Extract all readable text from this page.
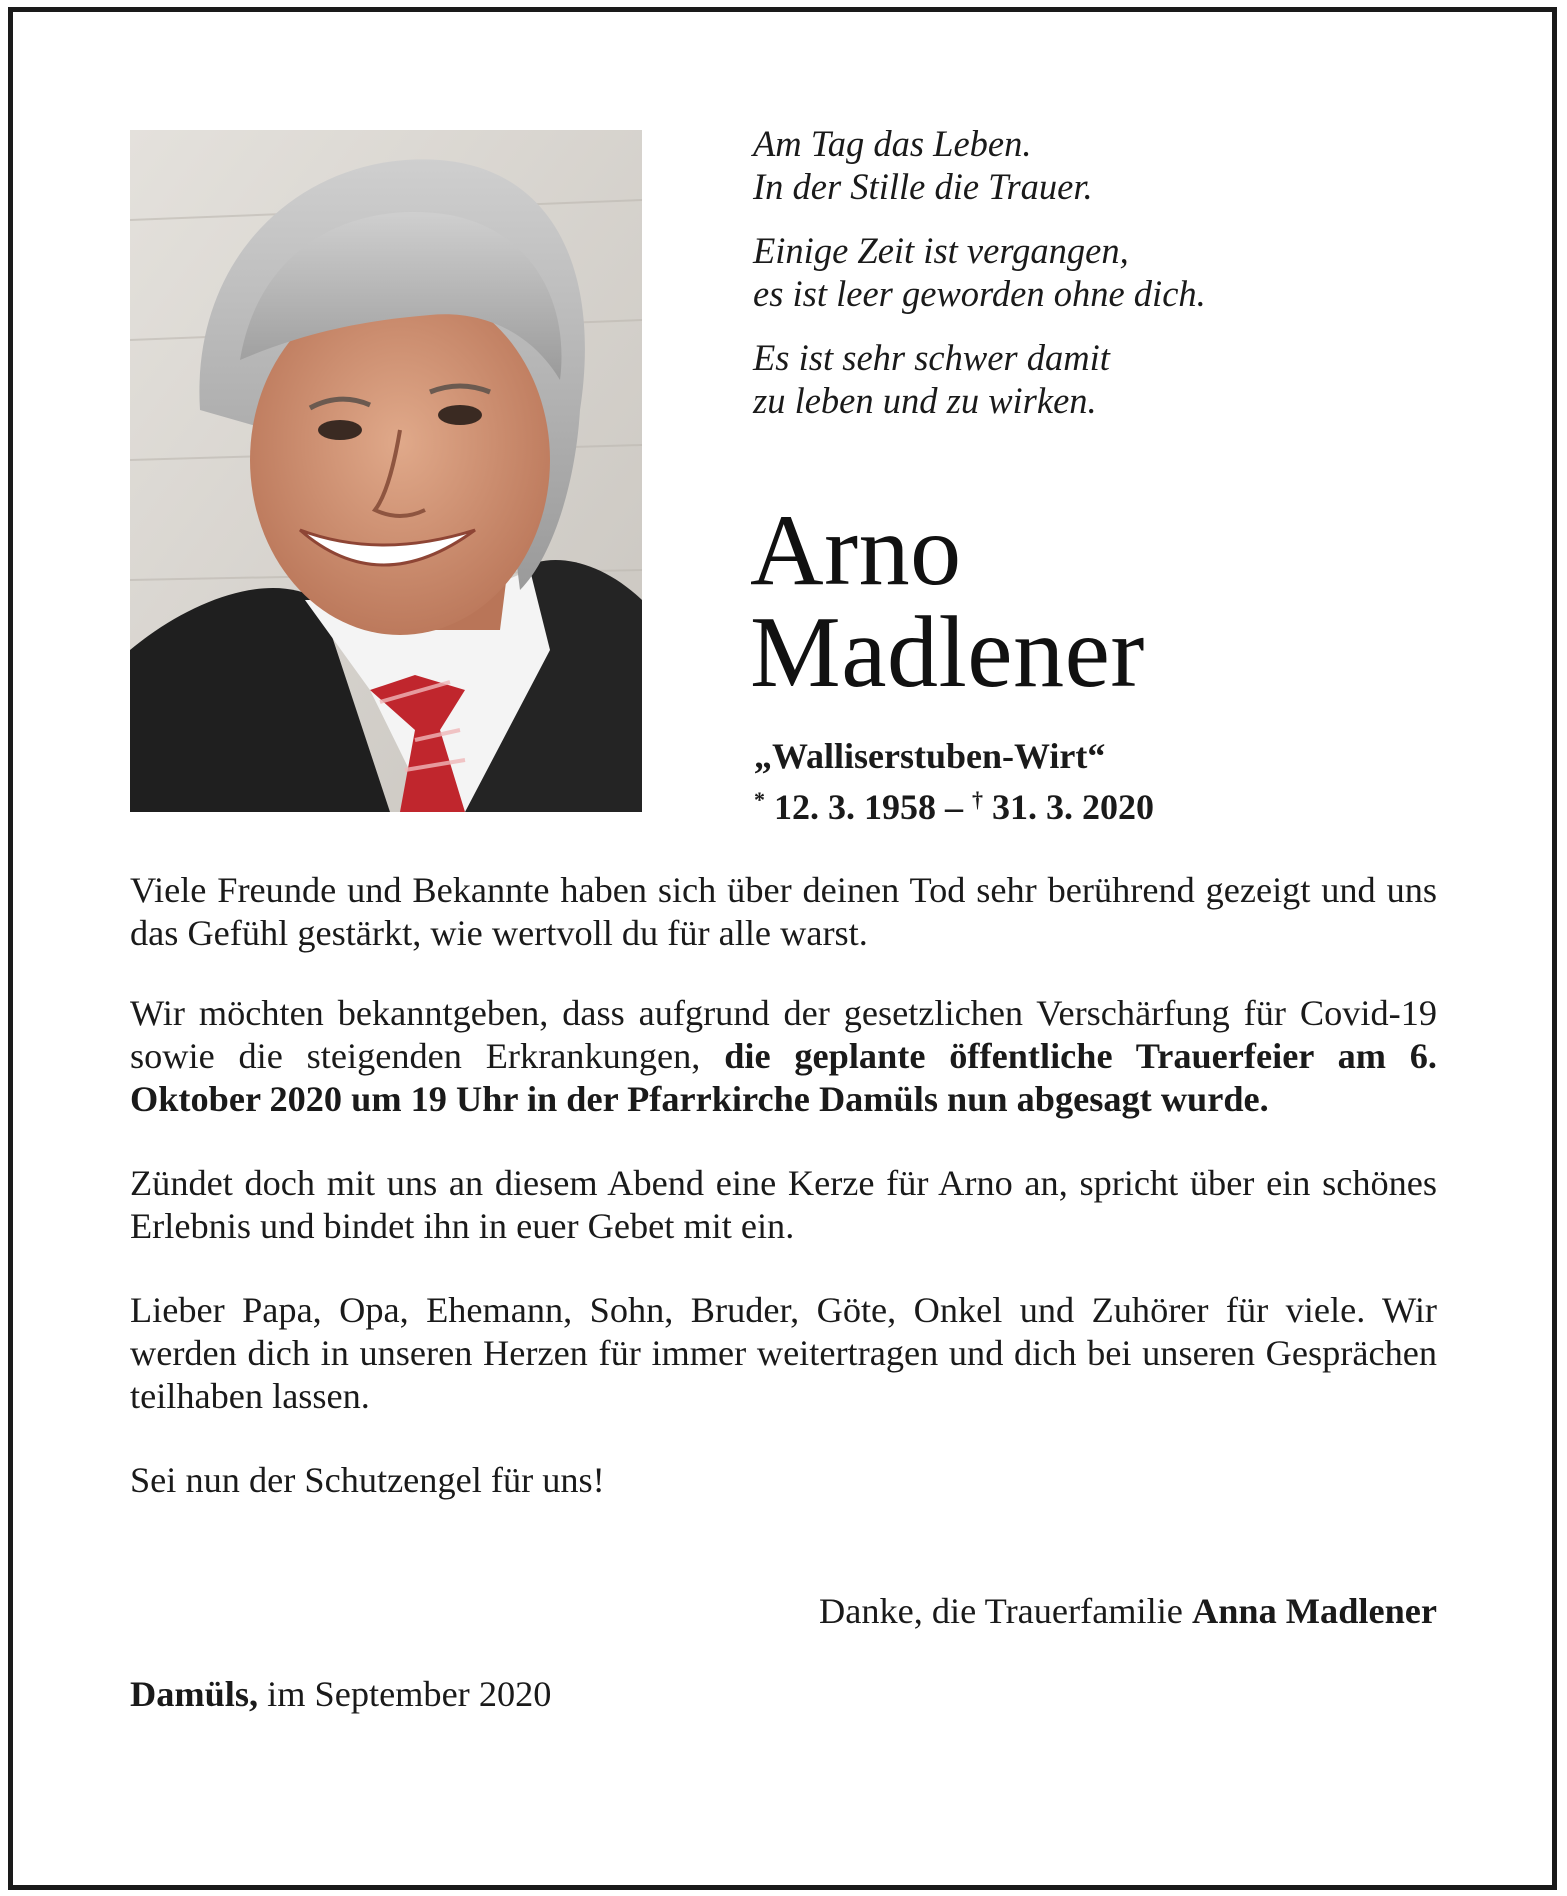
Am Tag das Leben.
In der Stille die Trauer.
Einige Zeit ist vergangen,
es ist leer geworden ohne dich.
Es ist sehr schwer damit
zu leben und zu wirken.
Arno
Madlener
„Walliserstuben-Wirt“
* 12. 3. 1958 – † 31. 3. 2020

Viele Freunde und Bekannte haben sich über deinen Tod sehr berührend gezeigt und uns das Gefühl gestärkt, wie wertvoll du für alle warst.

Wir möchten bekanntgeben, dass aufgrund der gesetzlichen Verschärfung für Covid-19 sowie die steigenden Erkrankungen, die geplante öffentliche Trauerfeier am 6. Oktober 2020 um 19 Uhr in der Pfarrkirche Damüls nun abgesagt wurde.

Zündet doch mit uns an diesem Abend eine Kerze für Arno an, spricht über ein schönes Erlebnis und bindet ihn in euer Gebet mit ein.

Lieber Papa, Opa, Ehemann, Sohn, Bruder, Göte, Onkel und Zuhörer für viele. Wir werden dich in unseren Herzen für immer weitertragen und dich bei unseren Gesprächen teilhaben lassen.

Sei nun der Schutzengel für uns!

Danke, die Trauerfamilie Anna Madlener
Damüls, im September 2020
